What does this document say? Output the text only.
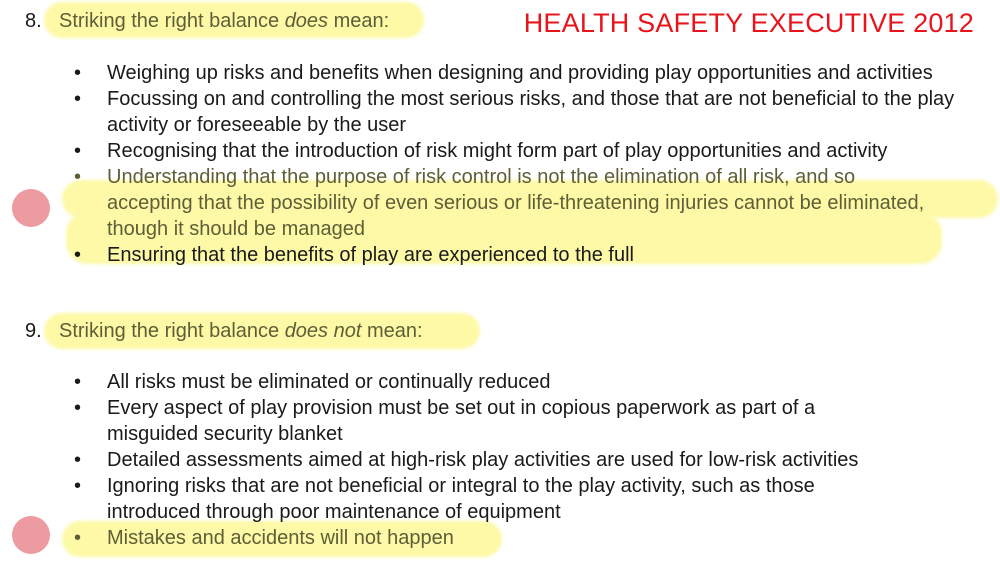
HEALTH SAFETY EXECUTIVE 2012
8. Striking the right balance does mean:
• Weighing up risks and benefits when designing and providing play opportunities and activities
• Focussing on and controlling the most serious risks, and those that are not beneficial to the play activity or foreseeable by the user
• Recognising that the introduction of risk might form part of play opportunities and activity
• Understanding that the purpose of risk control is not the elimination of all risk, and so accepting that the possibility of even serious or life-threatening injuries cannot be eliminated, though it should be managed
• Ensuring that the benefits of play are experienced to the full
9. Striking the right balance does not mean:
• All risks must be eliminated or continually reduced
• Every aspect of play provision must be set out in copious paperwork as part of a misguided security blanket
• Detailed assessments aimed at high-risk play activities are used for low-risk activities
• Ignoring risks that are not beneficial or integral to the play activity, such as those introduced through poor maintenance of equipment
• Mistakes and accidents will not happen
